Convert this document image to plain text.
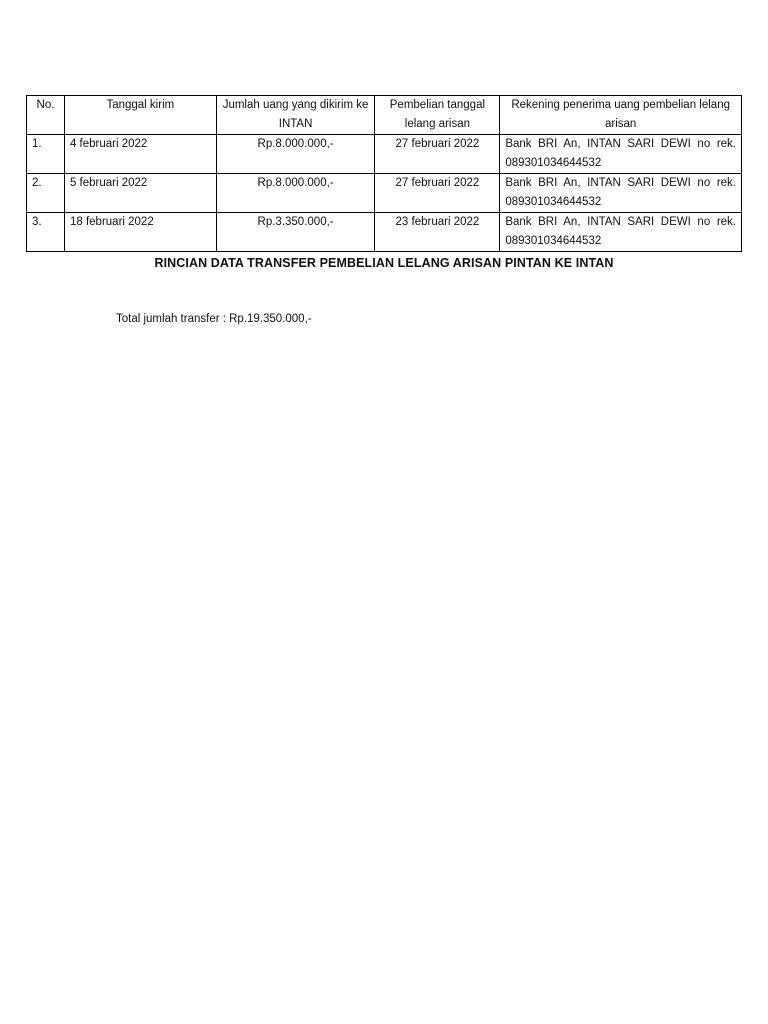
No.	Tanggal kirim	Jumlah uang yang dikirim ke INTAN	Pembelian tanggal lelang arisan	Rekening penerima uang pembelian lelang arisan
1.	4 februari 2022	Rp.8.000.000,-	27 februari 2022	Bank BRI An, INTAN SARI DEWI no rek. 089301034644532
2.	5 februari 2022	Rp.8.000.000,-	27 februari 2022	Bank BRI An, INTAN SARI DEWI no rek. 089301034644532
3.	18 februari 2022	Rp.3.350.000,-	23 februari 2022	Bank BRI An, INTAN SARI DEWI no rek. 089301034644532
RINCIAN DATA TRANSFER PEMBELIAN LELANG ARISAN PINTAN KE INTAN
Total jumlah transfer : Rp.19.350.000,-
